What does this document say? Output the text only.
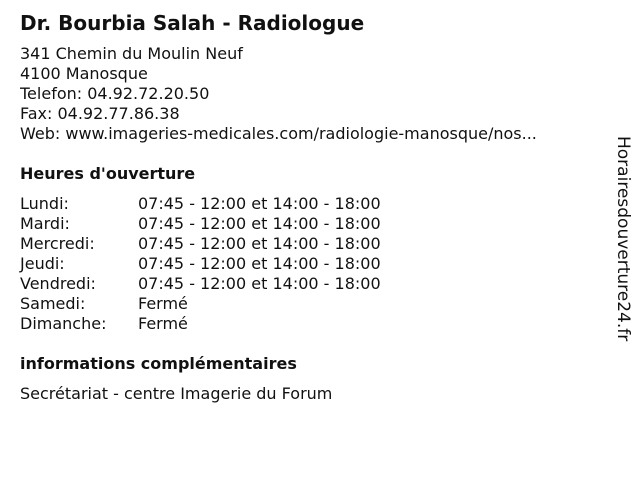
Dr. Bourbia Salah - Radiologue
341 Chemin du Moulin Neuf
4100 Manosque
Telefon: 04.92.72.20.50
Fax: 04.92.77.86.38
Web: www.imageries-medicales.com/radiologie-manosque/nos...
Heures d'ouverture
Lundi:	07:45 - 12:00 et 14:00 - 18:00
Mardi:	07:45 - 12:00 et 14:00 - 18:00
Mercredi:	07:45 - 12:00 et 14:00 - 18:00
Jeudi:	07:45 - 12:00 et 14:00 - 18:00
Vendredi:	07:45 - 12:00 et 14:00 - 18:00
Samedi:	Fermé
Dimanche:	Fermé
informations complémentaires
Secrétariat - centre Imagerie du Forum
Horairesdouverture24.fr
